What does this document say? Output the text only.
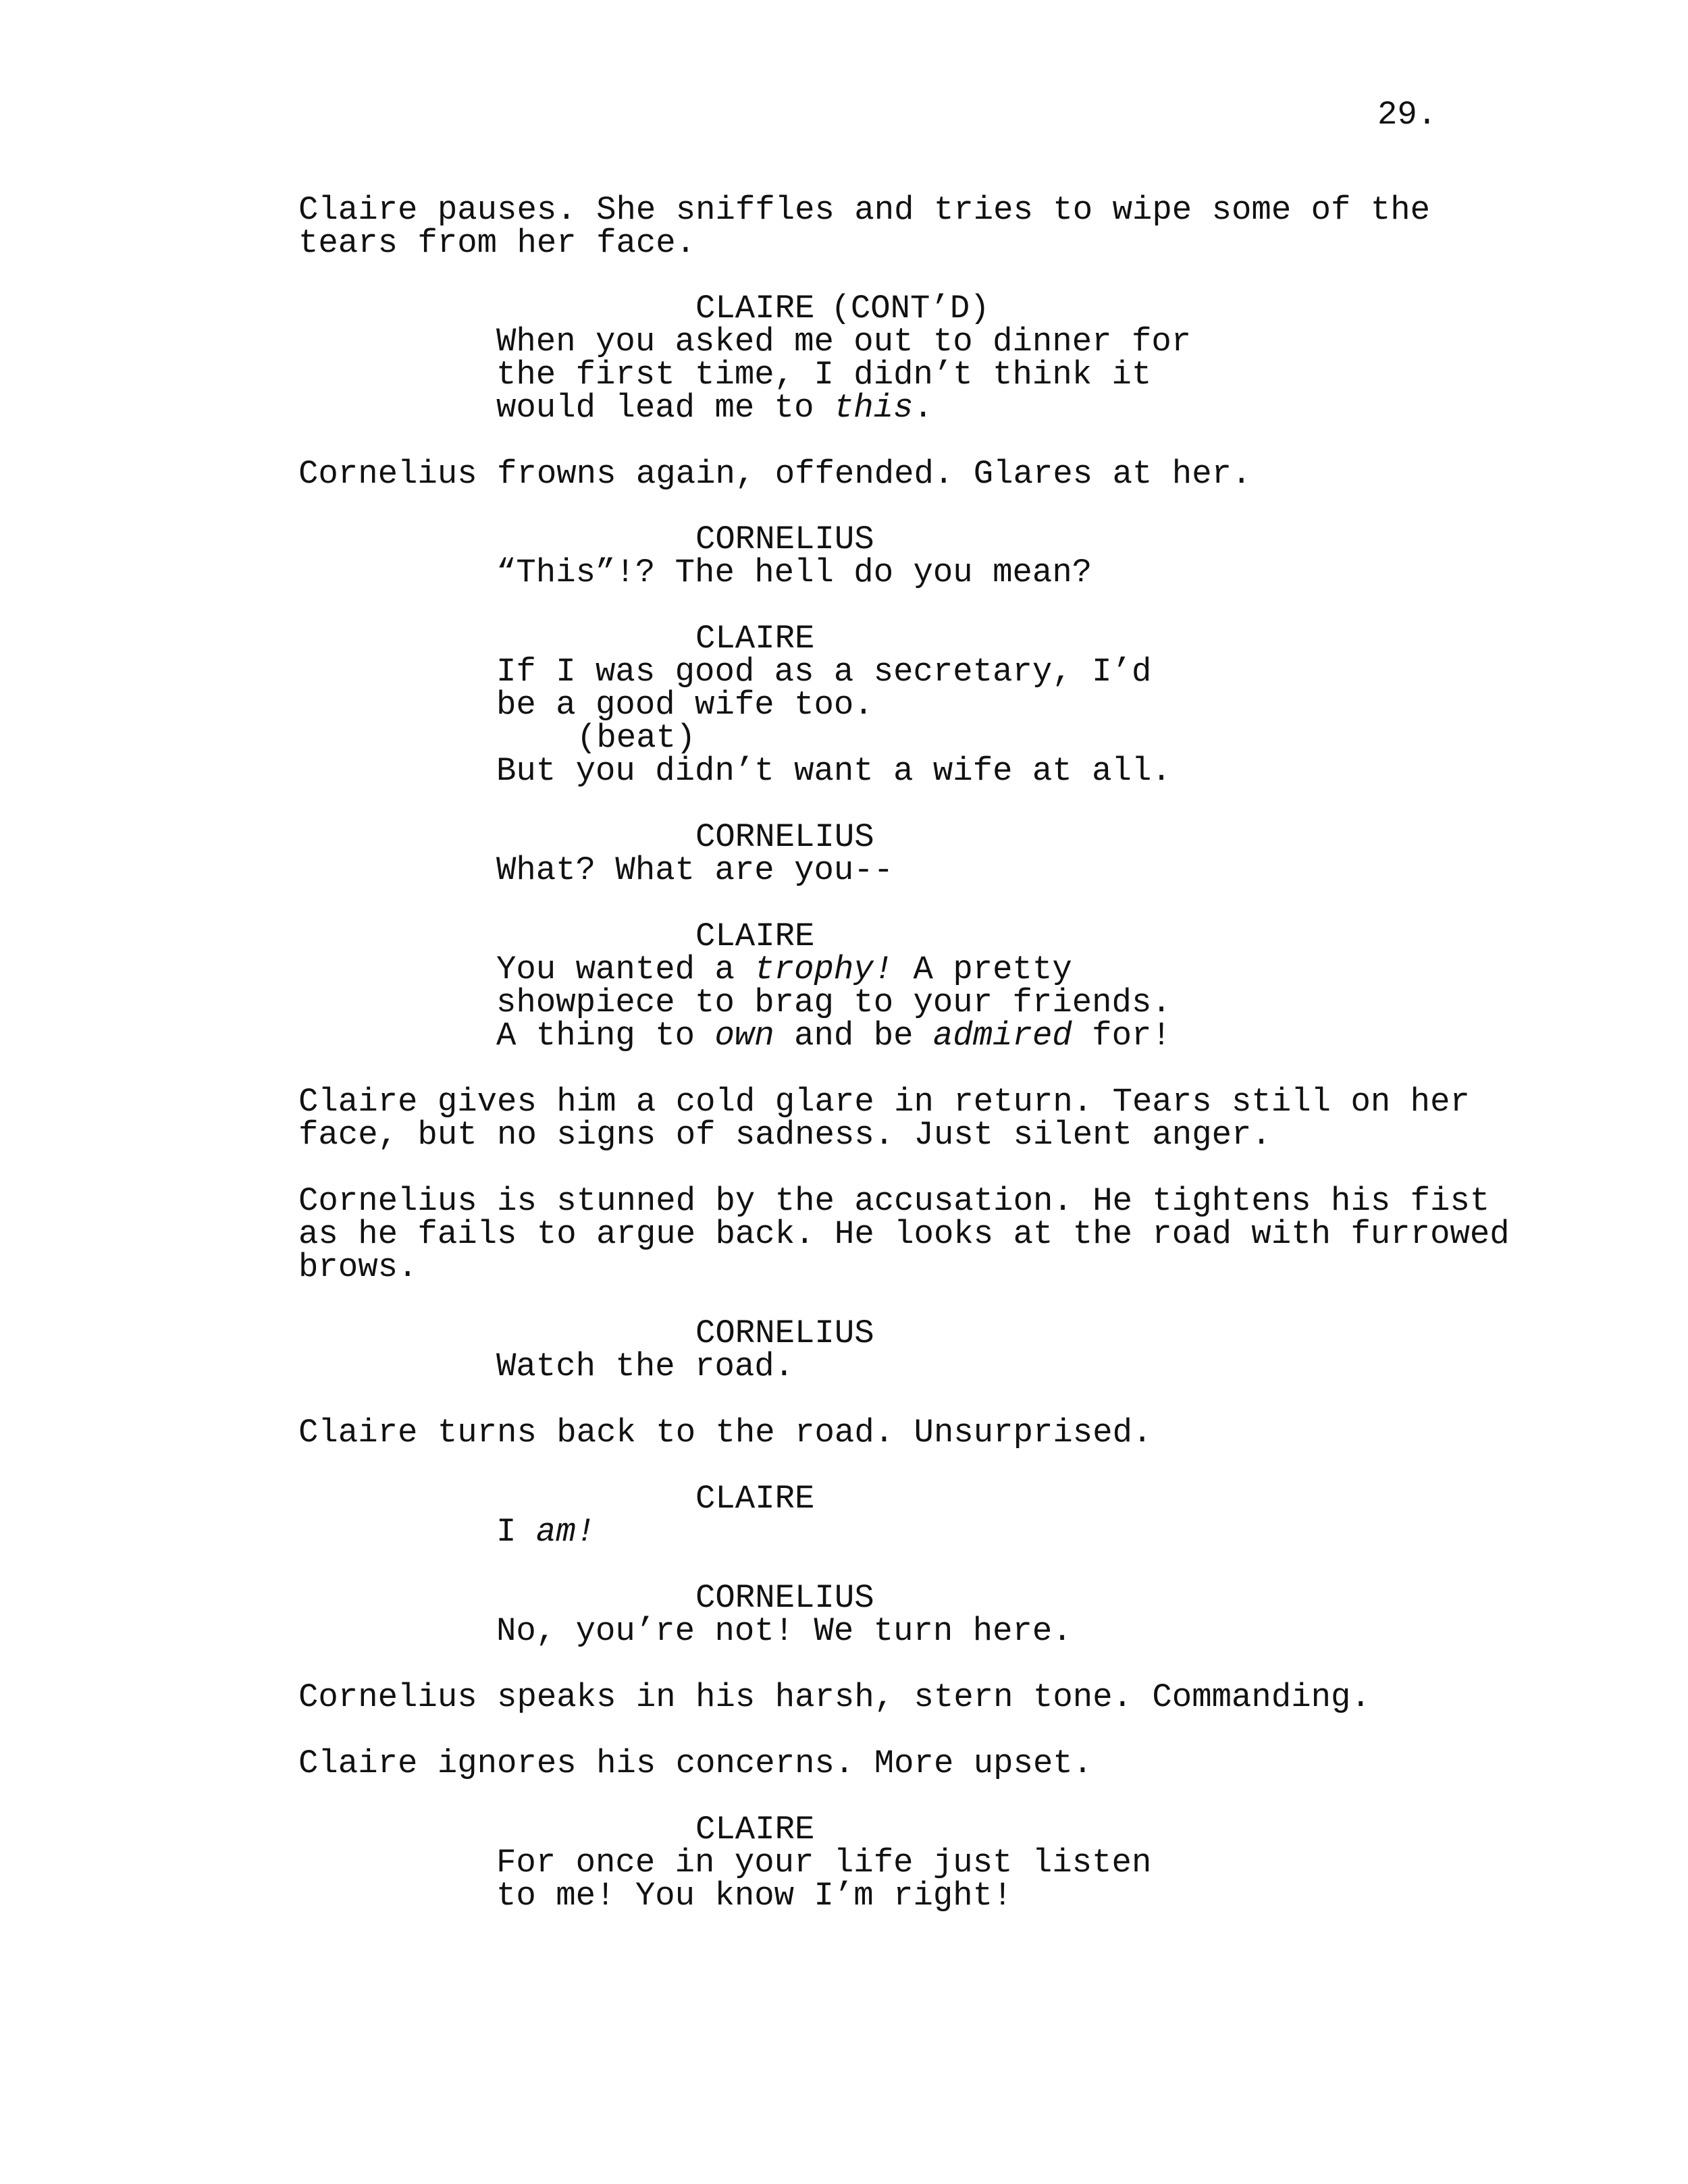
29.
Claire pauses. She sniffles and tries to wipe some of the
tears from her face.
CLAIRE (CONT’D)
When you asked me out to dinner for
the first time, I didn’t think it
would lead me to this.
Cornelius frowns again, offended. Glares at her.
CORNELIUS
“This”!? The hell do you mean?
CLAIRE
If I was good as a secretary, I’d
be a good wife too.
(beat)
But you didn’t want a wife at all.
CORNELIUS
What? What are you--
CLAIRE
You wanted a trophy! A pretty
showpiece to brag to your friends.
A thing to own and be admired for!
Claire gives him a cold glare in return. Tears still on her
face, but no signs of sadness. Just silent anger.
Cornelius is stunned by the accusation. He tightens his fist
as he fails to argue back. He looks at the road with furrowed
brows.
CORNELIUS
Watch the road.
Claire turns back to the road. Unsurprised.
CLAIRE
I am!
CORNELIUS
No, you’re not! We turn here.
Cornelius speaks in his harsh, stern tone. Commanding.
Claire ignores his concerns. More upset.
CLAIRE
For once in your life just listen
to me! You know I’m right!
